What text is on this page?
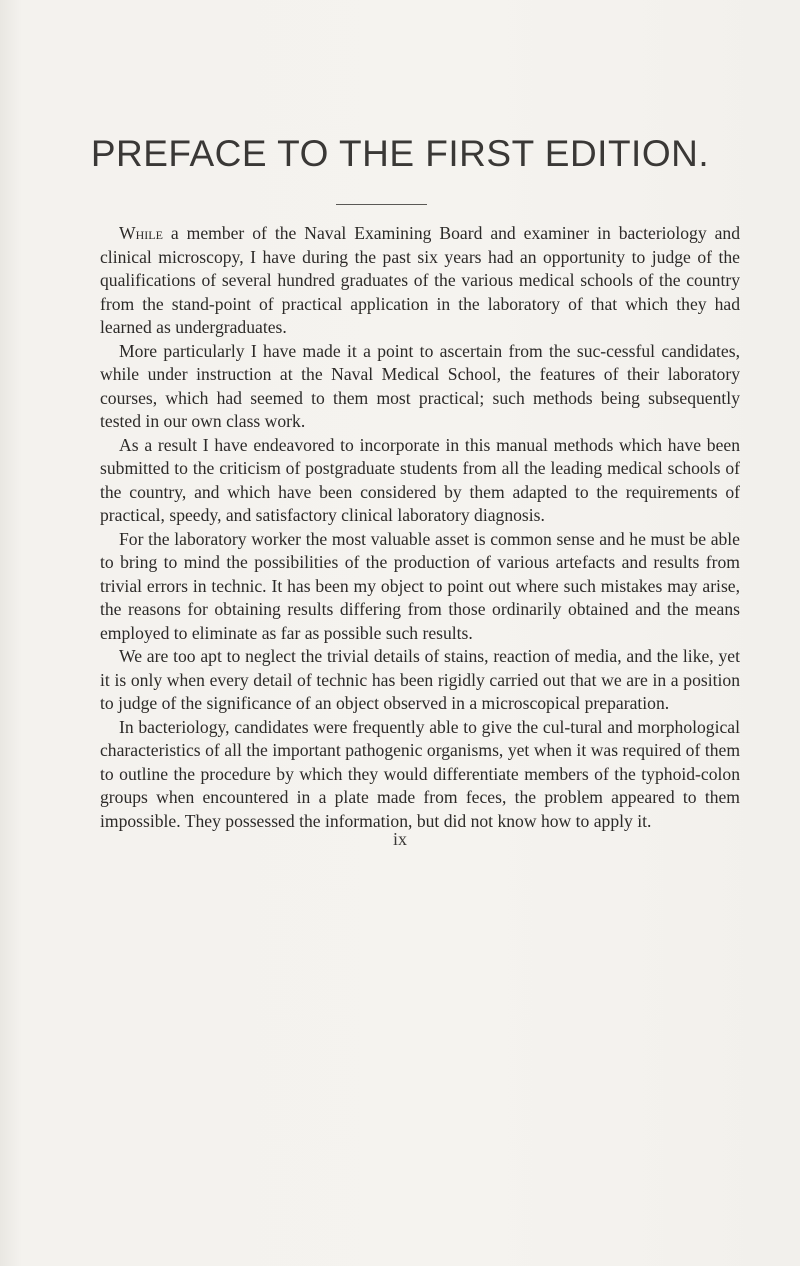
PREFACE TO THE FIRST EDITION.

While a member of the Naval Examining Board and examiner in bacteriology and clinical microscopy, I have during the past six years had an opportunity to judge of the qualifications of several hundred graduates of the various medical schools of the country from the stand-point of practical application in the laboratory of that which they had learned as undergraduates.

More particularly I have made it a point to ascertain from the suc-cessful candidates, while under instruction at the Naval Medical School, the features of their laboratory courses, which had seemed to them most practical; such methods being subsequently tested in our own class work.

As a result I have endeavored to incorporate in this manual methods which have been submitted to the criticism of postgraduate students from all the leading medical schools of the country, and which have been considered by them adapted to the requirements of practical, speedy, and satisfactory clinical laboratory diagnosis.

For the laboratory worker the most valuable asset is common sense and he must be able to bring to mind the possibilities of the production of various artefacts and results from trivial errors in technic. It has been my object to point out where such mistakes may arise, the reasons for obtaining results differing from those ordinarily obtained and the means employed to eliminate as far as possible such results.

We are too apt to neglect the trivial details of stains, reaction of media, and the like, yet it is only when every detail of technic has been rigidly carried out that we are in a position to judge of the significance of an object observed in a microscopical preparation.

In bacteriology, candidates were frequently able to give the cul-tural and morphological characteristics of all the important pathogenic organisms, yet when it was required of them to outline the procedure by which they would differentiate members of the typhoid-colon groups when encountered in a plate made from feces, the problem appeared to them impossible. They possessed the information, but did not know how to apply it.

ix
